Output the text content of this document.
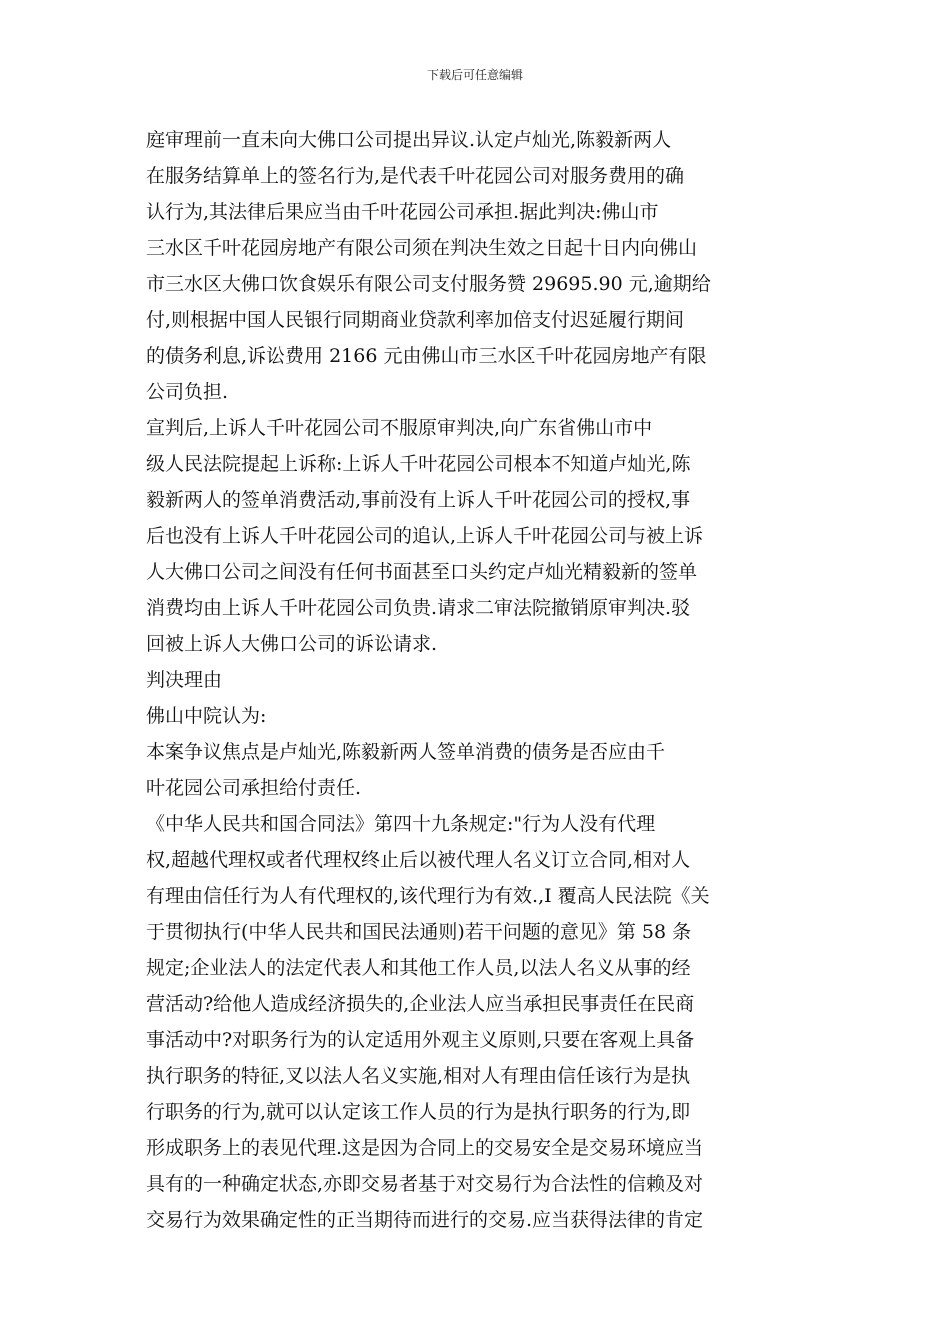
下载后可任意编辑
庭审理前一直未向大佛口公司提出异议.认定卢灿光,陈毅新两人
在服务结算单上的签名行为,是代表千叶花园公司对服务费用的确
认行为,其法律后果应当由千叶花园公司承担.据此判决:佛山市
三水区千叶花园房地产有限公司须在判决生效之日起十日内向佛山
市三水区大佛口饮食娱乐有限公司支付服务赞 29695.90 元,逾期给
付,则根据中国人民银行同期商业贷款利率加倍支付迟延履行期间
的债务利息,诉讼费用 2166 元由佛山市三水区千叶花园房地产有限
公司负担.
宣判后,上诉人千叶花园公司不服原审判决,向广东省佛山市中
级人民法院提起上诉称:上诉人千叶花园公司根本不知道卢灿光,陈
毅新两人的签单消费活动,事前没有上诉人千叶花园公司的授权,事
后也没有上诉人千叶花园公司的追认,上诉人千叶花园公司与被上诉
人大佛口公司之间没有任何书面甚至口头约定卢灿光精毅新的签单
消费均由上诉人千叶花园公司负贵.请求二审法院撤销原审判决.驳
回被上诉人大佛口公司的诉讼请求.
判决理由
佛山中院认为:
本案争议焦点是卢灿光,陈毅新两人签单消费的债务是否应由千
叶花园公司承担给付责任.
《中华人民共和国合同法》第四十九条规定:"行为人没有代理
权,超越代理权或者代理权终止后以被代理人名义订立合同,相对人
有理由信任行为人有代理权的,该代理行为有效.,I 覆高人民法院《关
于贯彻执行(中华人民共和国民法通则)若干问题的意见》第 58 条
规定;企业法人的法定代表人和其他工作人员,以法人名义从事的经
营活动?给他人造成经济损失的,企业法人应当承担民事责任在民商
事活动中?对职务行为的认定适用外观主义原则,只要在客观上具备
执行职务的特征,叉以法人名义实施,相对人有理由信任该行为是执
行职务的行为,就可以认定该工作人员的行为是执行职务的行为,即
形成职务上的表见代理.这是因为合同上的交易安全是交易环境应当
具有的一种确定状态,亦即交易者基于对交易行为合法性的信赖及对
交易行为效果确定性的正当期待而进行的交易.应当获得法律的肯定
